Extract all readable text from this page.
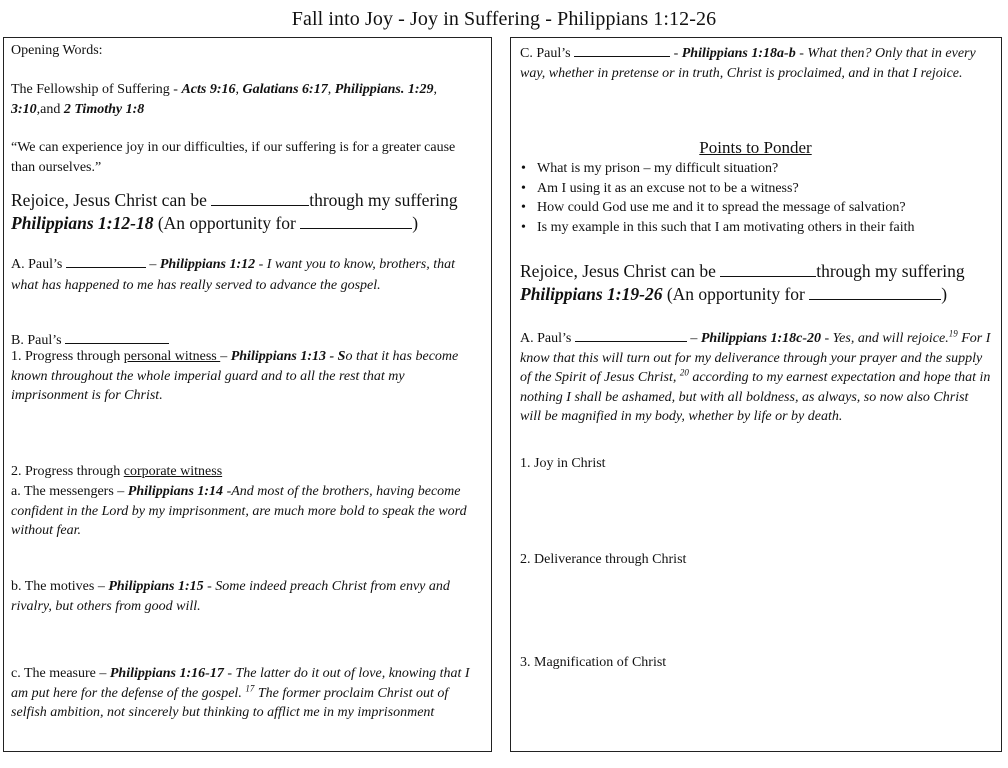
Fall into Joy - Joy in Suffering - Philippians 1:12-26
Opening Words:
The Fellowship of Suffering - Acts 9:16, Galatians 6:17, Philippians. 1:29, 3:10,and 2 Timothy 1:8
“We can experience joy in our difficulties, if our suffering is for a greater cause than ourselves.”
Rejoice, Jesus Christ can be	through my suffering
Philippians 1:12-18 (An opportunity for	)
A. Paul’s	– Philippians 1:12 - I want you to know, brothers, that what has happened to me has really served to advance the gospel.
B. Paul’s
1. Progress through personal witness – Philippians 1:13 - So that it has become known throughout the whole imperial guard and to all the rest that my imprisonment is for Christ.
2. Progress through corporate witness
a. The messengers – Philippians 1:14 -And most of the brothers, having become confident in the Lord by my imprisonment, are much more bold to speak the word without fear.
b. The motives – Philippians 1:15 - Some indeed preach Christ from envy and rivalry, but others from good will.
c. The measure – Philippians 1:16-17 - The latter do it out of love, knowing that I am put here for the defense of the gospel. $^{17}$ The former proclaim Christ out of selfish ambition, not sincerely but thinking to afflict me in my imprisonment
C. Paul’s	- Philippians 1:18a-b - What then? Only that in every way, whether in pretense or in truth, Christ is proclaimed, and in that I rejoice.
Points to Ponder
• What is my prison – my difficult situation?
• Am I using it as an excuse not to be a witness?
• How could God use me and it to spread the message of salvation?
• Is my example in this such that I am motivating others in their faith
Rejoice, Jesus Christ can be	through my suffering
Philippians 1:19-26 (An opportunity for	)
A. Paul’s	– Philippians 1:18c-20 - Yes, and will rejoice.$^{19}$ For I know that this will turn out for my deliverance through your prayer and the supply of the Spirit of Jesus Christ, $^{20}$ according to my earnest expectation and hope that in nothing I shall be ashamed, but with all boldness, as always, so now also Christ will be magnified in my body, whether by life or by death.
1. Joy in Christ
2. Deliverance through Christ
3. Magnification of Christ
